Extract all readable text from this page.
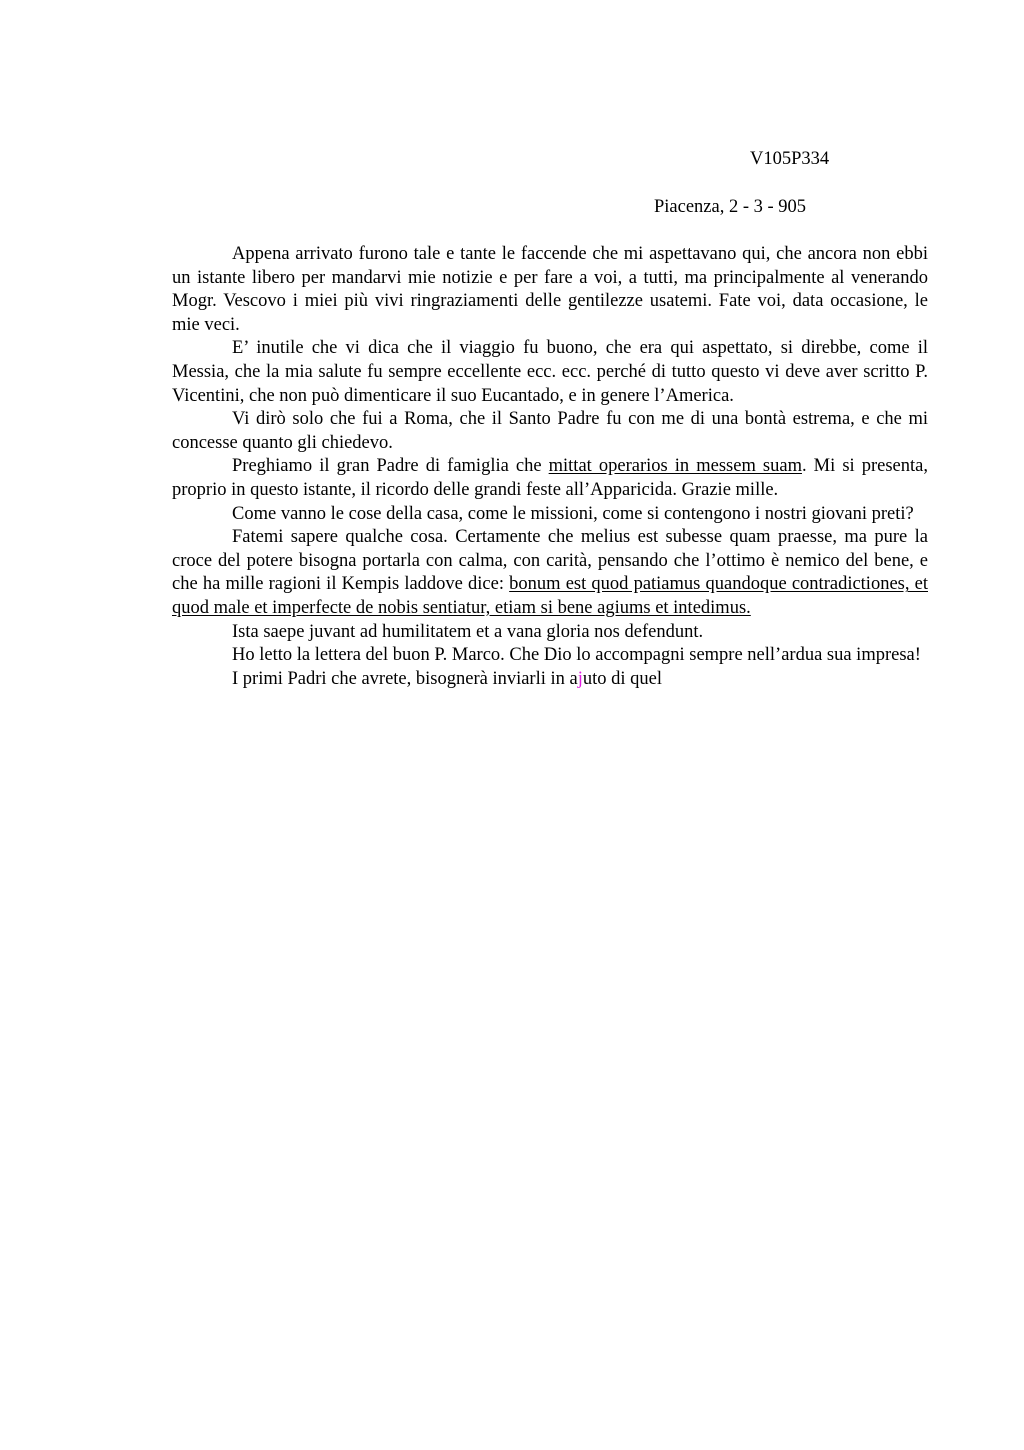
V105P334
Piacenza, 2 - 3 - 905

Appena arrivato furono tale e tante le faccende che mi aspettavano qui, che ancora non ebbi un istante libero per mandarvi mie notizie e per fare a voi, a tutti, ma principalmente al venerando Mogr. Vescovo i miei più vivi ringraziamenti delle gentilezze usatemi. Fate voi, data occasione, le mie veci.

E’ inutile che vi dica che il viaggio fu buono, che era qui aspettato, si direbbe, come il Messia, che la mia salute fu sempre eccellente ecc. ecc. perché di tutto questo vi deve aver scritto P. Vicentini, che non può dimenticare il suo Eucantado, e in genere l’America.

Vi dirò solo che fui a Roma, che il Santo Padre fu con me di una bontà estrema, e che mi concesse quanto gli chiedevo.

Preghiamo il gran Padre di famiglia che mittat operarios in messem suam. Mi si presenta, proprio in questo istante, il ricordo delle grandi feste all’Apparicida. Grazie mille.

Come vanno le cose della casa, come le missioni, come si contengono i nostri giovani preti?

Fatemi sapere qualche cosa. Certamente che melius est subesse quam praesse, ma pure la croce del potere bisogna portarla con calma, con carità, pensando che l’ottimo è nemico del bene, e che ha mille ragioni il Kempis laddove dice: bonum est quod patiamus quandoque contradictiones, et quod male et imperfecte de nobis sentiatur, etiam si bene agiums et intedimus.

Ista saepe juvant ad humilitatem et a vana gloria nos defendunt.

Ho letto la lettera del buon P. Marco. Che Dio lo accompagni sempre nell’ardua sua impresa!

I primi Padri che avrete, bisognerà inviarli in ajuto di quel
